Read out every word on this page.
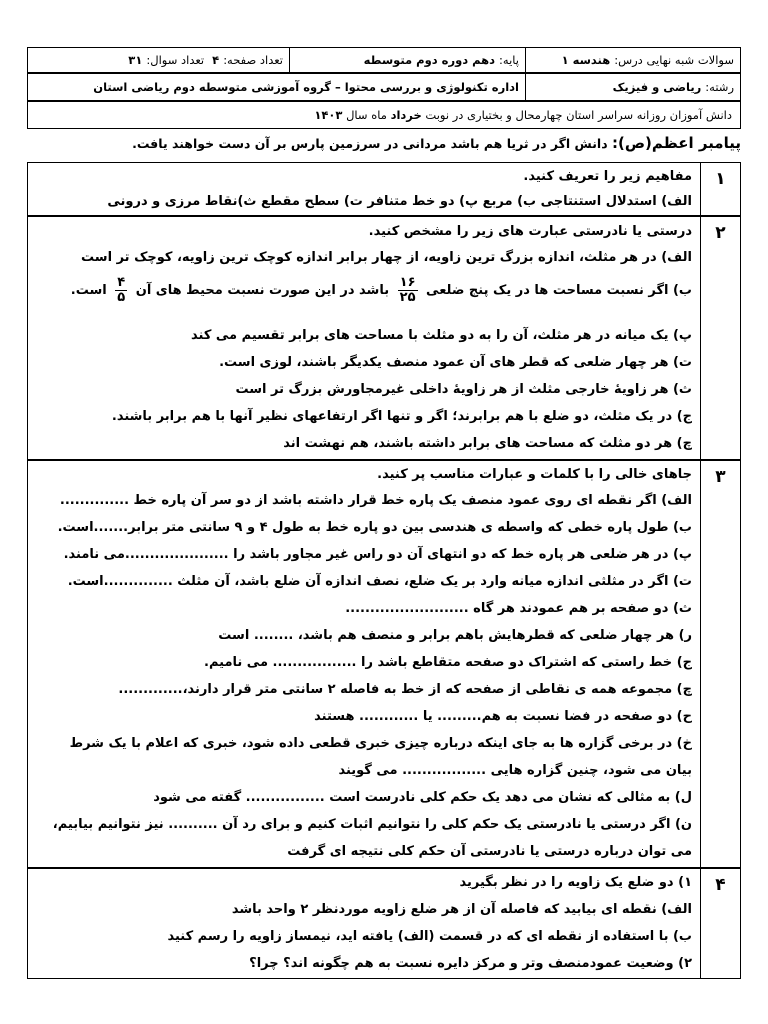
سوالات شبه نهایی درس:

هندسه ۱
پایه:

دهم دوره دوم متوسطه
تعداد صفحه:

۴

تعداد سوال:

۳۱
رشته:

ریاضی و فیزیک
اداره تکنولوژی و بررسی محتوا – گروه آموزشی متوسطه دوم ریاضی استان
دانش آموزان روزانه سراسر استان چهارمحال و بختیاری در نوبت

خرداد

ماه سال

۱۴۰۳
پیامبر اعظم(ص): دانش اگر در ثریا هم باشد مردانی در سرزمین پارس بر آن دست خواهند یافت.
۱
مفاهیم زیر را تعریف کنید.
الف) استدلال استنتاجی ب) مربع پ) دو خط متنافر ت) سطح مقطع ث)نقاط مرزی و درونی
۲
درستی یا نادرستی عبارت های زیر را مشخص کنید.
الف) در هر مثلث، اندازه بزرگ ترین زاویه، از چهار برابر اندازه کوچک ترین زاویه، کوچک تر است
ب) اگر نسبت مساحت ها در یک پنج ضلعی
$\frac{۱۶}{۲۵}$
باشد در این صورت نسبت محیط های آن
$\frac{۴}{۵}$
است.
پ) یک میانه در هر مثلث، آن را به دو مثلث با مساحت های برابر تقسیم می کند
ت) هر چهار ضلعی که قطر های آن عمود منصف یکدیگر باشند، لوزی است.
ث) هر زاویهٔ خارجی مثلث از هر زاویهٔ داخلی غیرمجاورش بزرگ تر است
ج) در یک مثلث، دو ضلع با هم برابرند؛ اگر و تنها اگر ارتفاعهای نظیر آنها با هم برابر باشند.
چ) هر دو مثلث که مساحت های برابر داشته باشند، هم نهشت اند
۳
جاهای خالی را با کلمات و عبارات مناسب پر کنید.
الف) اگر نقطه ای روی عمود منصف یک پاره خط قرار داشته باشد از دو سر آن پاره خط ..............
ب) طول پاره خطی که واسطه ی هندسی بین دو پاره خط به طول ۴ و ۹ سانتی متر برابر.......است.
پ) در هر ضلعی هر پاره خط که دو انتهای آن دو راس غیر مجاور باشد را .....................می نامند.
ت) اگر در مثلثی اندازه میانه وارد بر یک ضلع، نصف اندازه آن ضلع باشد، آن مثلث ..............است.
ث) دو صفحه بر هم عمودند هر گاه .........................
ر) هر چهار ضلعی که قطرهایش باهم برابر و منصف هم باشد، ........ است
ج) خط راستی که اشتراک دو صفحه متقاطع باشد را ................. می نامیم.
چ) مجموعه همه ی نقاطی از صفحه که از خط به فاصله ۲ سانتی متر قرار دارند،.............
ح) دو صفحه در فضا نسبت به هم......... یا ............ هستند
خ) در برخی گزاره ها به جای اینکه درباره چیزی خبری قطعی داده شود، خبری که اعلام با یک شرط
بیان می شود، چنین گزاره هایی ................. می گویند
ل) به مثالی که نشان می دهد یک حکم کلی نادرست است ................ گفته می شود
ن) اگر درستی یا نادرستی یک حکم کلی را نتوانیم اثبات کنیم و برای رد آن .......... نیز نتوانیم بیابیم،
می توان درباره درستی یا نادرستی آن حکم کلی نتیجه ای گرفت
۴
۱) دو ضلع یک زاویه را در نظر بگیرید
الف) نقطه ای بیابید که فاصله آن از هر ضلع زاویه موردنظر ۲ واحد باشد
ب) با استفاده از نقطه ای که در قسمت (الف) یافته اید، نیمساز زاویه را رسم کنید
۲) وضعیت عمودمنصف وتر و مرکز دایره نسبت به هم چگونه اند؟ چرا؟
